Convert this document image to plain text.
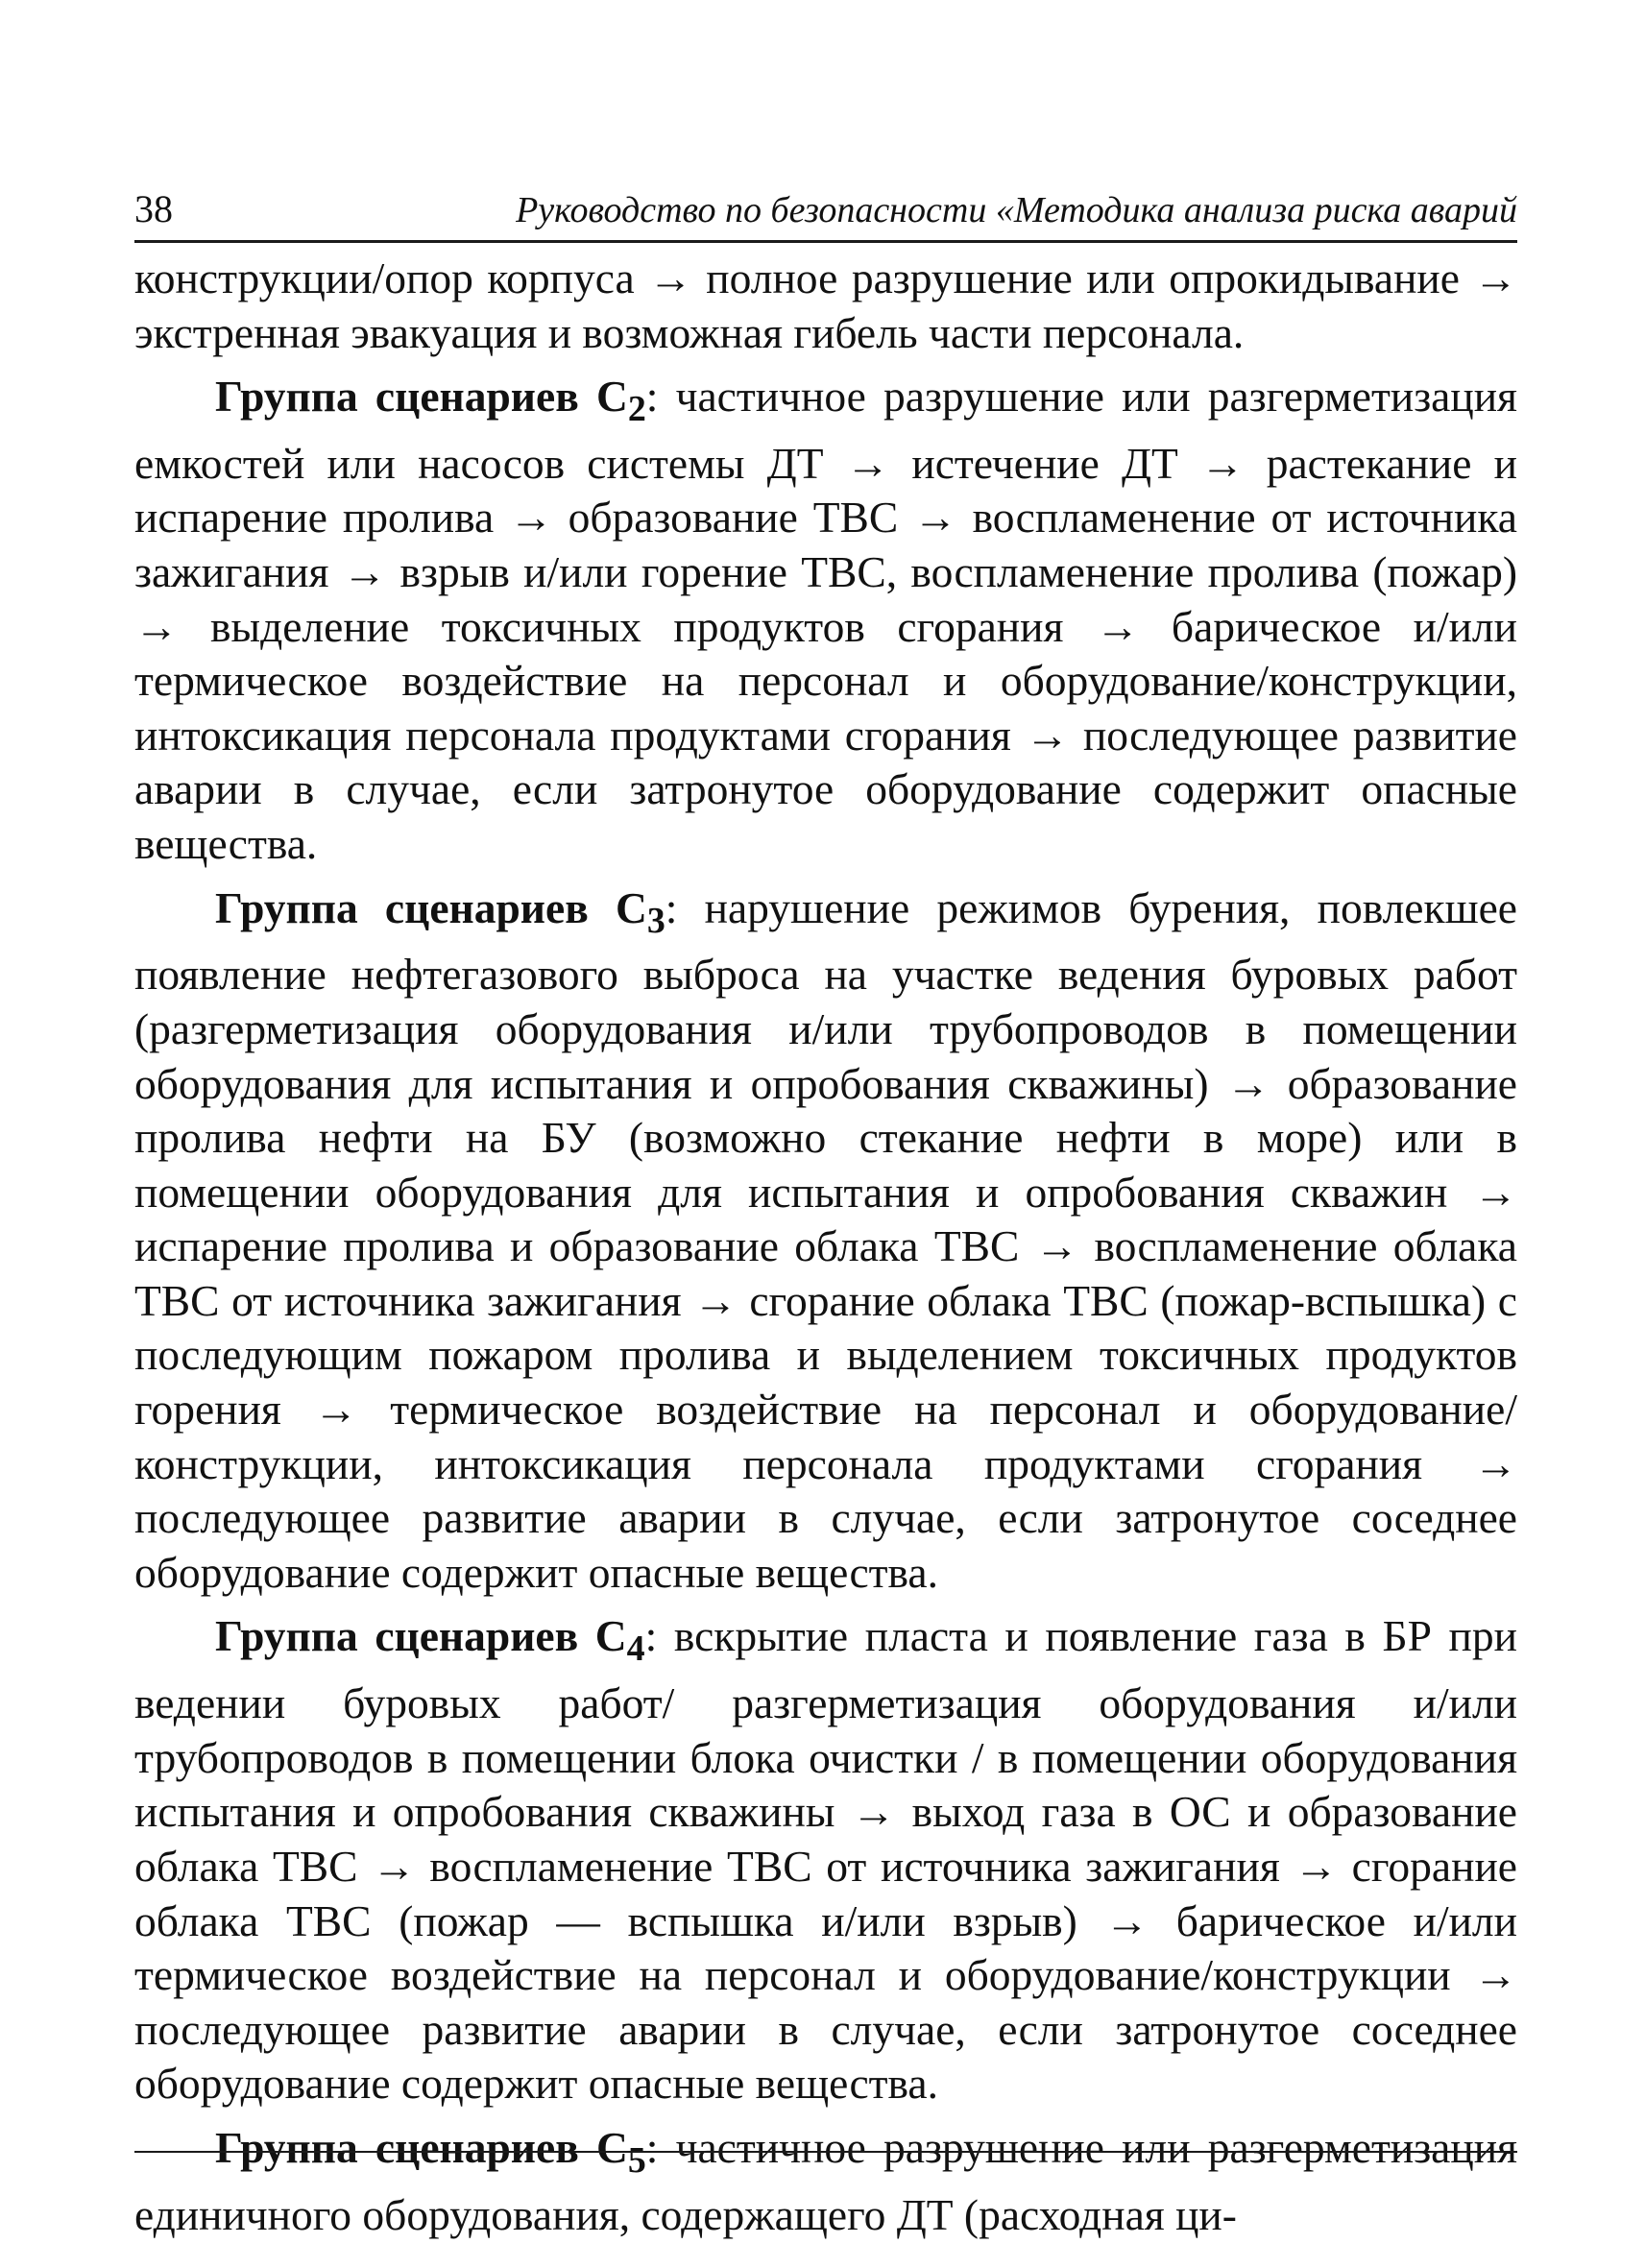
38	Руководство по безопасности «Методика анализа риска аварий

конструкции/опор корпуса → полное разрушение или опрокидывание → экстренная эвакуация и возможная гибель части персонала.

Группа сценариев $С_2$: частичное разрушение или разгерметизация емкостей или насосов системы ДТ → истечение ДТ → растекание и испарение пролива → образование ТВС → воспламенение от источника зажигания → взрыв и/или горение ТВС, воспламенение пролива (пожар) → выделение токсичных продуктов сгорания → барическое и/или термическое воздействие на персонал и оборудование/конструкции, интоксикация персонала продуктами сгорания → последующее развитие аварии в случае, если затронутое оборудование содержит опасные вещества.

Группа сценариев $С_3$: нарушение режимов бурения, повлекшее появление нефтегазового выброса на участке ведения буровых работ (разгерметизация оборудования и/или трубопроводов в помещении оборудования для испытания и опробования скважины) → образование пролива нефти на БУ (возможно стекание нефти в море) или в помещении оборудования для испытания и опробования скважин → испарение пролива и образование облака ТВС → воспламенение облака ТВС от источника зажигания → сгорание облака ТВС (пожар-вспышка) с последующим пожаром пролива и выделением токсичных продуктов горения → термическое воздействие на персонал и оборудование/конструкции, интоксикация персонала продуктами сгорания → последующее развитие аварии в случае, если затронутое соседнее оборудование содержит опасные вещества.

Группа сценариев $С_4$: вскрытие пласта и появление газа в БР при ведении буровых работ/ разгерметизация оборудования и/или трубопроводов в помещении блока очистки / в помещении оборудования испытания и опробования скважины → выход газа в ОС и образование облака ТВС → воспламенение ТВС от источника зажигания → сгорание облака ТВС (пожар — вспышка и/или взрыв) → барическое и/или термическое воздействие на персонал и оборудование/конструкции → последующее развитие аварии в случае, если затронутое соседнее оборудование содержит опасные вещества.

Группа сценариев $С_5$: частичное разрушение или разгерметизация единичного оборудования, содержащего ДТ (расходная ци-
